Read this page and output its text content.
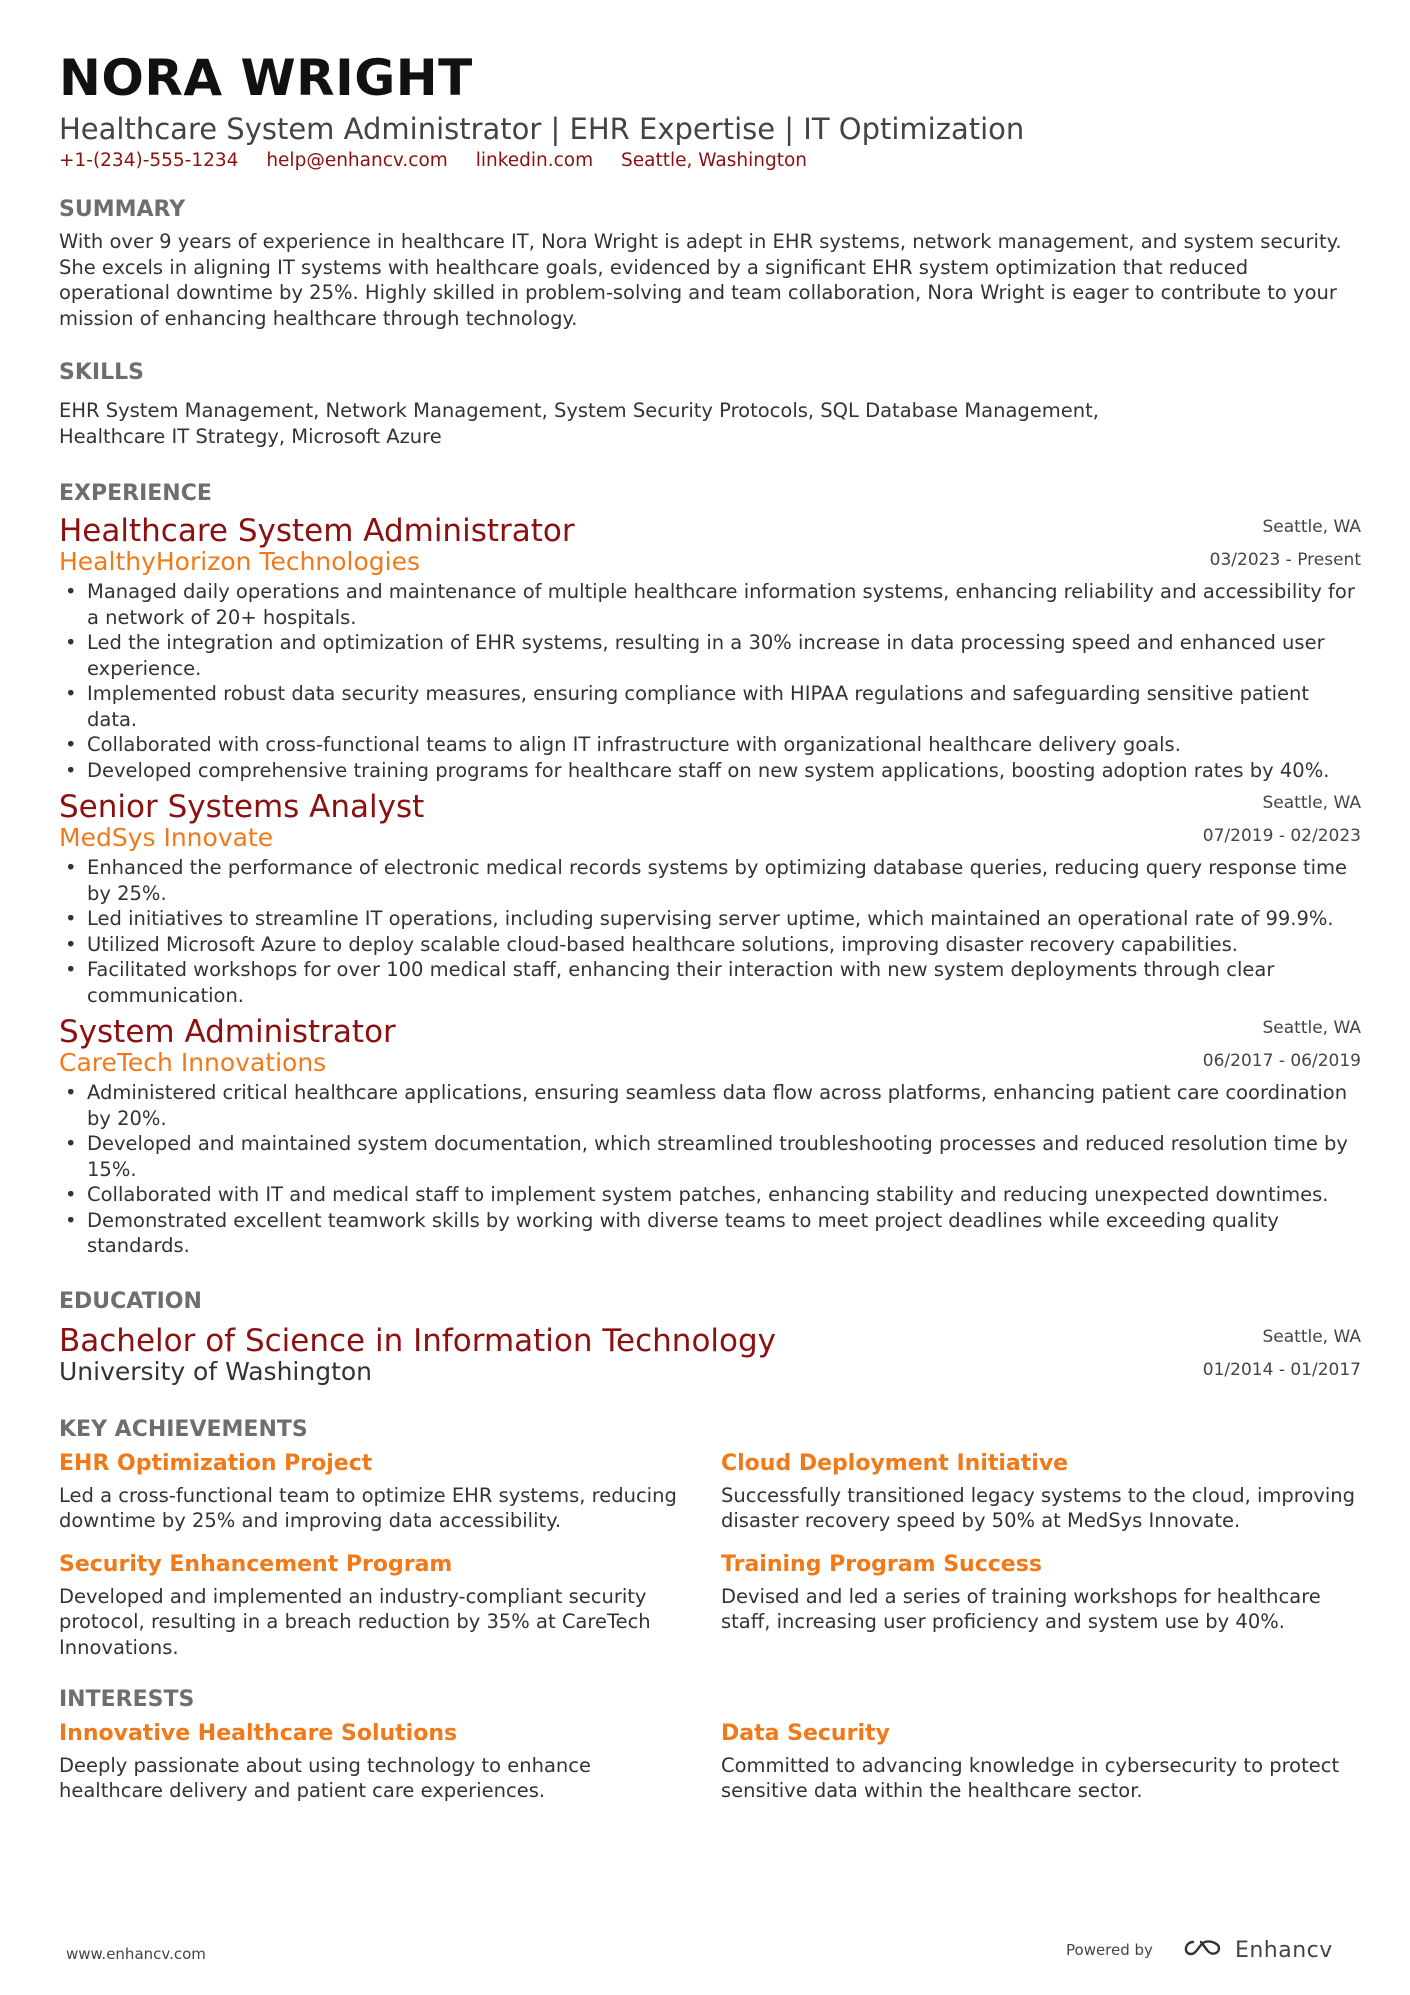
NORA WRIGHT

Healthcare System Administrator | EHR Expertise | IT Optimization

+1-(234)-555-1234 help@enhancv.com linkedin.com Seattle, Washington
SUMMARY

With over 9 years of experience in healthcare IT, Nora Wright is adept in EHR systems, network management, and system security. She excels in aligning IT systems with healthcare goals, evidenced by a significant EHR system optimization that reduced operational downtime by 25%. Highly skilled in problem-solving and team collaboration, Nora Wright is eager to contribute to your mission of enhancing healthcare through technology.

SKILLS

EHR System Management, Network Management, System Security Protocols, SQL Database Management,

Healthcare IT Strategy, Microsoft Azure

EXPERIENCE
Healthcare System Administrator	Seattle, WA
HealthyHorizon Technologies	03/2023 - Present
• Managed daily operations and maintenance of multiple healthcare information systems, enhancing reliability and accessibility for a network of 20+ hospitals.
• Led the integration and optimization of EHR systems, resulting in a 30% increase in data processing speed and enhanced user experience.
• Implemented robust data security measures, ensuring compliance with HIPAA regulations and safeguarding sensitive patient data.
• Collaborated with cross-functional teams to align IT infrastructure with organizational healthcare delivery goals.
• Developed comprehensive training programs for healthcare staff on new system applications, boosting adoption rates by 40%.
Senior Systems Analyst	Seattle, WA
MedSys Innovate	07/2019 - 02/2023
• Enhanced the performance of electronic medical records systems by optimizing database queries, reducing query response time by 25%.
• Led initiatives to streamline IT operations, including supervising server uptime, which maintained an operational rate of 99.9%.
• Utilized Microsoft Azure to deploy scalable cloud-based healthcare solutions, improving disaster recovery capabilities.
• Facilitated workshops for over 100 medical staff, enhancing their interaction with new system deployments through clear communication.
System Administrator	Seattle, WA
CareTech Innovations	06/2017 - 06/2019
• Administered critical healthcare applications, ensuring seamless data flow across platforms, enhancing patient care coordination by 20%.
• Developed and maintained system documentation, which streamlined troubleshooting processes and reduced resolution time by 15%.
• Collaborated with IT and medical staff to implement system patches, enhancing stability and reducing unexpected downtimes.
• Demonstrated excellent teamwork skills by working with diverse teams to meet project deadlines while exceeding quality standards.
EDUCATION
Bachelor of Science in Information Technology	Seattle, WA
University of Washington	01/2014 - 01/2017
KEY ACHIEVEMENTS
EHR Optimization Project

Led a cross-functional team to optimize EHR systems, reducing downtime by 25% and improving data accessibility.

Cloud Deployment Initiative

Successfully transitioned legacy systems to the cloud, improving disaster recovery speed by 50% at MedSys Innovate.

Security Enhancement Program

Developed and implemented an industry-compliant security protocol, resulting in a breach reduction by 35% at CareTech Innovations.

Training Program Success

Devised and led a series of training workshops for healthcare staff, increasing user proficiency and system use by 40%.

INTERESTS
Innovative Healthcare Solutions

Deeply passionate about using technology to enhance healthcare delivery and patient care experiences.

Data Security

Committed to advancing knowledge in cybersecurity to protect sensitive data within the healthcare sector.

www.enhancv.com	Powered by	Enhancv
